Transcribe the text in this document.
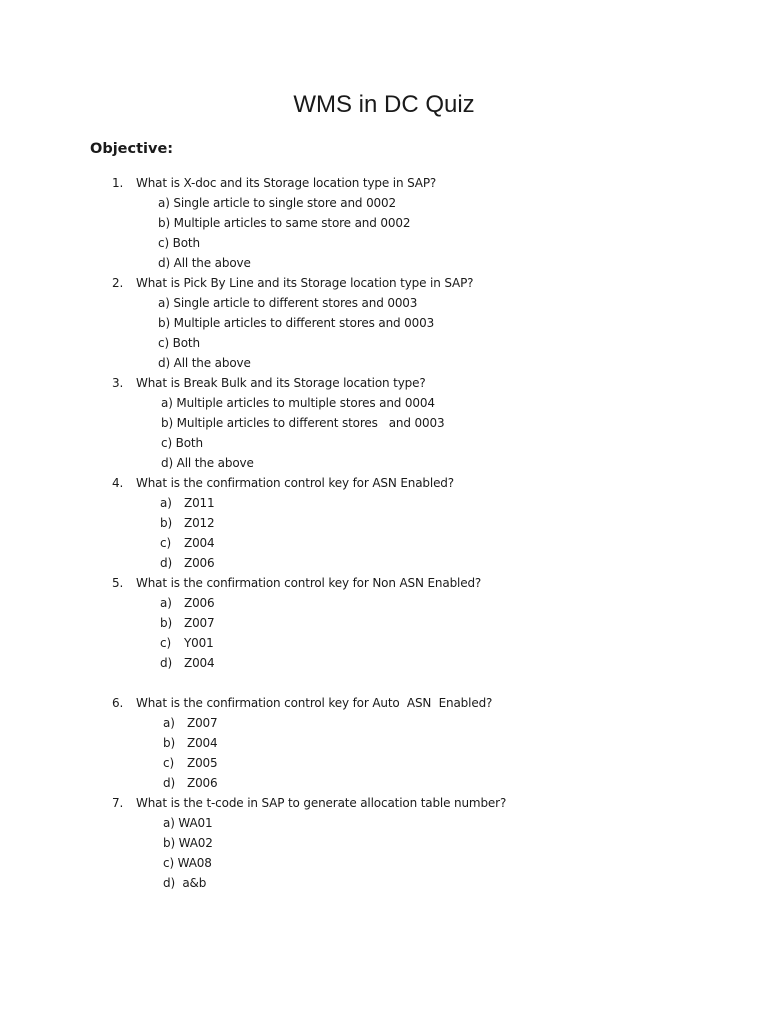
WMS in DC Quiz
Objective:
1. What is X-doc and its Storage location type in SAP?
a) Single article to single store and 0002
b) Multiple articles to same store and 0002
c) Both
d) All the above
2. What is Pick By Line and its Storage location type in SAP?
a) Single article to different stores and 0003
b) Multiple articles to different stores and 0003
c) Both
d) All the above
3. What is Break Bulk and its Storage location type?
a) Multiple articles to multiple stores and 0004
b) Multiple articles to different stores   and 0003
c) Both
d) All the above
4. What is the confirmation control key for ASN Enabled?
a) Z011
b) Z012
c) Z004
d) Z006
5. What is the confirmation control key for Non ASN Enabled?
a) Z006
b) Z007
c) Y001
d) Z004
6. What is the confirmation control key for Auto  ASN  Enabled?
a) Z007
b) Z004
c) Z005
d) Z006
7. What is the t-code in SAP to generate allocation table number?
a) WA01
b) WA02
c) WA08
d)  a&b
